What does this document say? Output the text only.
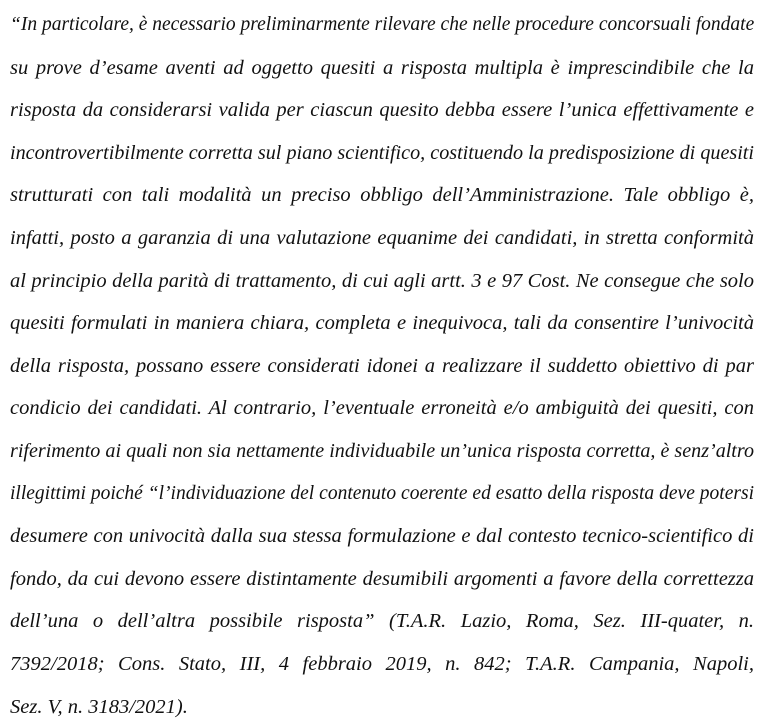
“In particolare, è necessario preliminarmente rilevare che nelle procedure concorsuali fondate
su prove d’esame aventi ad oggetto quesiti a risposta multipla è imprescindibile che la
risposta da considerarsi valida per ciascun quesito debba essere l’unica effettivamente e
incontrovertibilmente corretta sul piano scientifico, costituendo la predisposizione di quesiti
strutturati con tali modalità un preciso obbligo dell’Amministrazione. Tale obbligo è,
infatti, posto a garanzia di una valutazione equanime dei candidati, in stretta conformità
al principio della parità di trattamento, di cui agli artt. 3 e 97 Cost. Ne consegue che solo
quesiti formulati in maniera chiara, completa e inequivoca, tali da consentire l’univocità
della risposta, possano essere considerati idonei a realizzare il suddetto obiettivo di par
condicio dei candidati. Al contrario, l’eventuale erroneità e/o ambiguità dei quesiti, con
riferimento ai quali non sia nettamente individuabile un’unica risposta corretta, è senz’altro
illegittimi poiché “l’individuazione del contenuto coerente ed esatto della risposta deve potersi
desumere con univocità dalla sua stessa formulazione e dal contesto tecnico-scientifico di
fondo, da cui devono essere distintamente desumibili argomenti a favore della correttezza
dell’una o dell’altra possibile risposta” (T.A.R. Lazio, Roma, Sez. III-quater, n.
7392/2018; Cons. Stato, III, 4 febbraio 2019, n. 842; T.A.R. Campania, Napoli,
Sez. V, n. 3183/2021).
